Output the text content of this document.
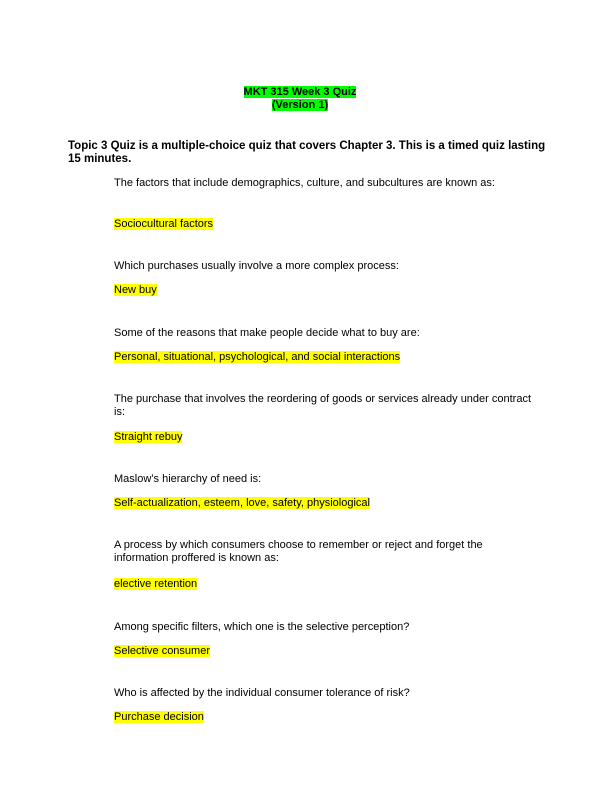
MKT 315 Week 3 Quiz
(Version 1)
Topic 3 Quiz is a multiple-choice quiz that covers Chapter 3. This is a timed quiz lasting 15 minutes.
The factors that include demographics, culture, and subcultures are known as:
Sociocultural factors
Which purchases usually involve a more complex process:
New buy
Some of the reasons that make people decide what to buy are:
Personal, situational, psychological, and social interactions
The purchase that involves the reordering of goods or services already under contract is:
Straight rebuy
Maslow’s hierarchy of need is:
Self-actualization, esteem, love, safety, physiological
A process by which consumers choose to remember or reject and forget the information proffered is known as:
elective retention
Among specific filters, which one is the selective perception?
Selective consumer
Who is affected by the individual consumer tolerance of risk?
Purchase decision
